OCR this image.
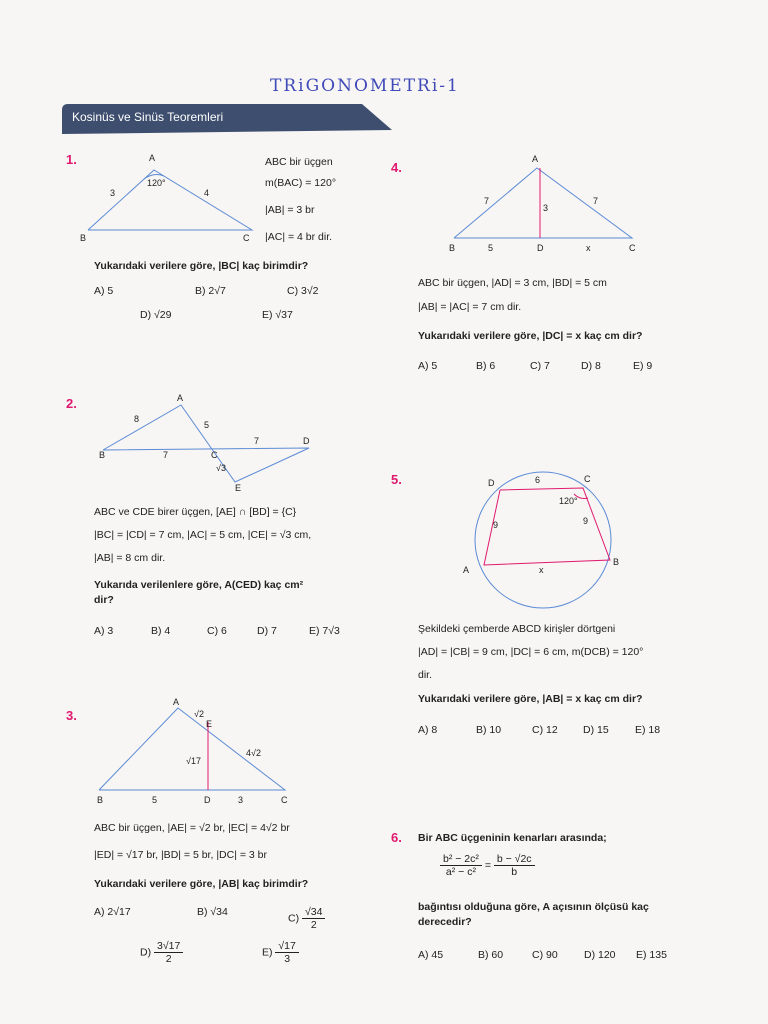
TRiGONOMETRi-1
Kosinüs ve Sinüs Teoremleri
1.	A
B	C
3	4
120°
ABC bir üçgen
m(BAC) = 120°
|AB| = 3 br
|AC| = 4 br dir.
Yukarıdaki verilere göre, |BC| kaç birimdir?
A) 5	B) 2√7	C) 3√2
D) √29	E) √37
2.	A
B	C
D
E
8
5
7
7
√3
ABC ve CDE birer üçgen, [AE] ∩ [BD] = {C}
|BC| = |CD| = 7 cm, |AC| = 5 cm, |CE| = √3 cm,
|AB| = 8 cm dir.
Yukarıda verilenlere göre, A(CED) kaç cm²
dir?
A) 3	B) 4	C) 6	D) 7	E) 7√3
3.
A
B	C
D
E
5	3
√2
√17
4√2
ABC bir üçgen, |AE| = √2 br, |EC| = 4√2 br
|ED| = √17 br, |BD| = 5 br, |DC| = 3 br
Yukarıdaki verilere göre, |AB| kaç birimdir?
A) 2√17	B) √34
$C) \frac{√34}{2}$
$D) \frac{3√17}{2}$	$E) \frac{√17}{3}$
4.
A
B	D	C
7	7
3
5	x
ABC bir üçgen, |AD| = 3 cm, |BD| = 5 cm
|AB| = |AC| = 7 cm dir.
Yukarıdaki verilere göre, |DC| = x kaç cm dir?
A) 5	B) 6	C) 7	D) 8	E) 9
5.	D	C
A
B
6
9	9
x
120°
Şekildeki çemberde ABCD kirişler dörtgeni
|AD| = |CB| = 9 cm, |DC| = 6 cm, m(DCB) = 120°
dir.
Yukarıdaki verilere göre, |AB| = x kaç cm dir?
A) 8	B) 10	C) 12 D) 15	E) 18
6. Bir ABC üçgeninin kenarları arasında;
$\frac{\text{b² − 2c²}}{\text{a² − c²}} = \frac{b - √2c}{b}$
bağıntısı olduğuna göre, A açısının ölçüsü kaç
derecedir?
A) 45	B) 60	C) 90	D) 120 E) 135
